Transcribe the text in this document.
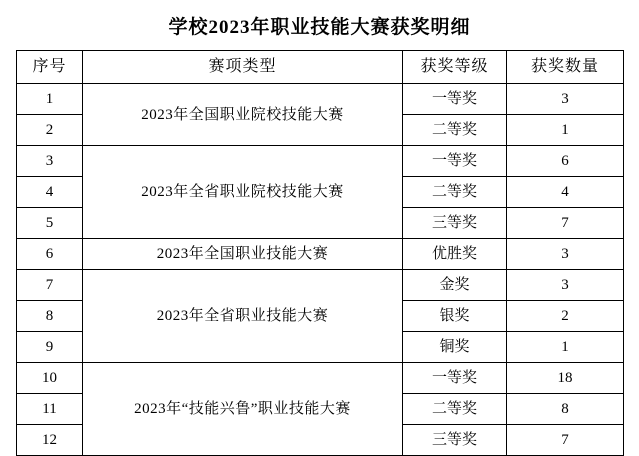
学校2023年职业技能大赛获奖明细
序号	赛项类型	获奖等级	获奖数量
1	2023年全国职业院校技能大赛	一等奖	3
2		二等奖	1
3	2023年全省职业院校技能大赛	一等奖	6
4		二等奖	4
5		三等奖	7
6	2023年全国职业技能大赛	优胜奖	3
7	2023年全省职业技能大赛	金奖	3
8		银奖	2
9		铜奖	1
10	2023年“技能兴鲁”职业技能大赛	一等奖	18
11		二等奖	8
12		三等奖	7
